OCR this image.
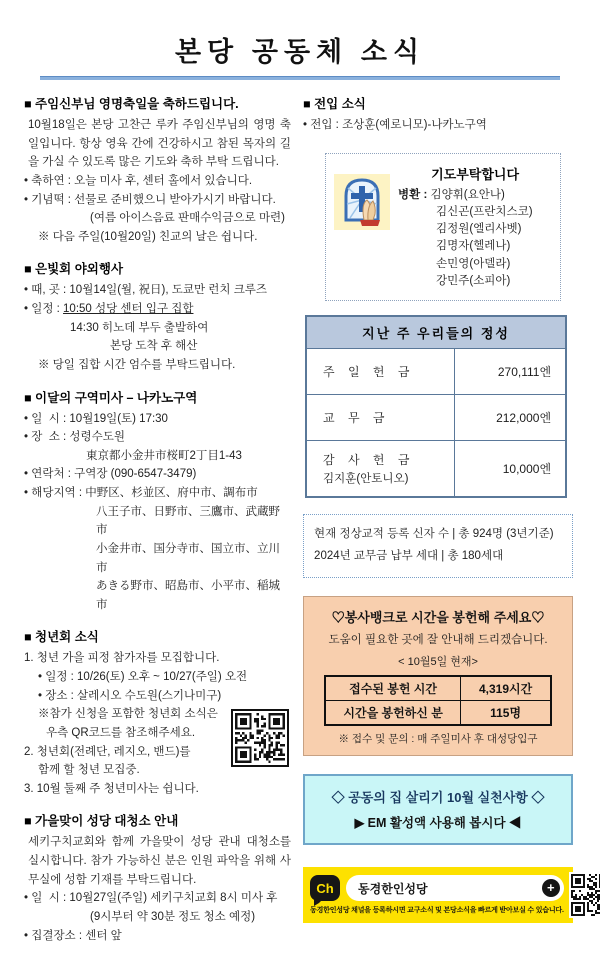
본당 공동체 소식
■ 주임신부님 영명축일을 축하드립니다.
10월18일은 본당 고찬근 루카 주임신부님의 영명 축일입니다. 항상 영육 간에 건강하시고 참된 목자의 길을 가실 수 있도록 많은 기도와 축하 부탁 드립니다.
• 축하연 : 오늘 미사 후, 센터 홀에서 있습니다.
• 기념떡 : 선물로 준비했으니 받아가시기 바랍니다.
(여름 아이스음료 판매수익금으로 마련)
※ 다음 주일(10월20일) 친교의 날은 쉽니다.
■ 은빛회 야외행사
• 때, 곳 : 10월14일(월, 祝日), 도쿄만 런치 크루즈
• 일정 : 10:50 성당 센터 입구 집합
14:30 히노데 부두 출발하여
본당 도착 후 해산
※ 당일 집합 시간 엄수를 부탁드립니다.
■ 이달의 구역미사 – 나카노구역
• 일  시 : 10월19일(토) 17:30
• 장  소 : 성령수도원
東京都小金井市桜町2丁目1-43
• 연락처 : 구역장 (090-6547-3479)
• 해당지역 : 中野区、杉並区、府中市、調布市
八王子市、日野市、三鷹市、武蔵野市
小金井市、国分寺市、国立市、立川市
あきる野市、昭島市、小平市、稲城市
■ 청년회 소식
1. 청년 가을 피정 참가자를 모집합니다.
• 일정 : 10/26(토) 오후 ~ 10/27(주일) 오전
• 장소 : 살레시오 수도원(스기나미구)
※참가 신청을 포함한 청년회 소식은
우측 QR코드를 참조해주세요.
2. 청년회(전례단, 레지오, 밴드)를
함께 할 청년 모집중.
3. 10월 둘째 주 청년미사는 쉽니다.
■ 가을맞이 성당 대청소 안내
세키구치교회와 함께 가을맞이 성당 관내 대청소를 실시합니다. 참가 가능하신 분은 인원 파악을 위해 사무실에 성함 기재를 부탁드립니다.
• 일  시 : 10월27일(주일) 세키구치교회 8시 미사 후
(9시부터 약 30분 정도 청소 예정)
• 집결장소 : 센터 앞
■ 전입 소식
• 전입 : 조상훈(예로니모)-나카노구역
기도부탁합니다
병환 : 김양휘(요안나)
김신곤(프란치스코)
김정원(엘리사벳)
김명자(헬레나)
손민영(아델라)
강민주(소피아)
지난 주 우리들의 정성	
주 일 헌 금	270,111엔
교 무 금	212,000엔
감 사 헌 금
김지훈(안토니오)	10,000엔
현재 정상교적 등록 신자 수 | 총 924명 (3년기준)
2024년 교무금 납부 세대 | 총 180세대
♡봉사뱅크로 시간을 봉헌해 주세요♡
도움이 필요한 곳에 잘 안내해 드리겠습니다.
< 10월5일 현재>
접수된 봉헌 시간	4,319시간
시간을 봉헌하신 분	115명
※ 접수 및 문의 : 매 주일미사 후 대성당입구
◇ 공동의 집 살리기 10월 실천사항 ◇
▶ EM 활성액 사용해 봅시다 ◀
Ch 동경한인성당	+
동경한인성당 채널을 등록하시면 교구소식 및 본당소식을 빠르게 받아보실 수 있습니다.
